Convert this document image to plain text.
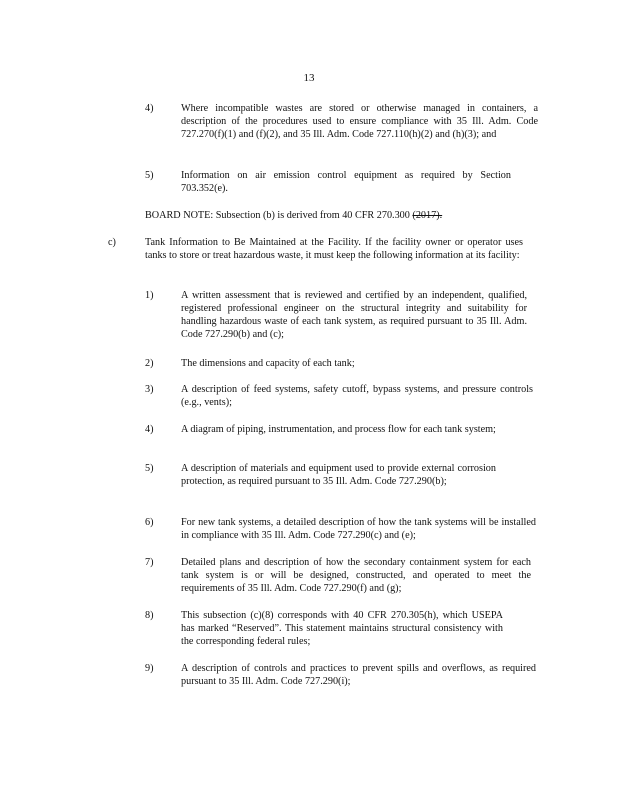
13
4)	Where incompatible wastes are stored or otherwise managed in containers, a description of the procedures used to ensure compliance with 35 Ill. Adm. Code 727.270(f)(1) and (f)(2), and 35 Ill. Adm. Code 727.110(h)(2) and (h)(3); and
5)	Information on air emission control equipment as required by Section 703.352(e).
BOARD NOTE: Subsection (b) is derived from 40 CFR 270.300 (2017).
c)	Tank Information to Be Maintained at the Facility. If the facility owner or operator uses tanks to store or treat hazardous waste, it must keep the following information at its facility:
1)	A written assessment that is reviewed and certified by an independent, qualified, registered professional engineer on the structural integrity and suitability for handling hazardous waste of each tank system, as required pursuant to 35 Ill. Adm. Code 727.290(b) and (c);
2)	The dimensions and capacity of each tank;
3)	A description of feed systems, safety cutoff, bypass systems, and pressure controls (e.g., vents);
4)	A diagram of piping, instrumentation, and process flow for each tank system;
5)	A description of materials and equipment used to provide external corrosion protection, as required pursuant to 35 Ill. Adm. Code 727.290(b);
6)	For new tank systems, a detailed description of how the tank systems will be installed in compliance with 35 Ill. Adm. Code 727.290(c) and (e);
7)	Detailed plans and description of how the secondary containment system for each tank system is or will be designed, constructed, and operated to meet the requirements of 35 Ill. Adm. Code 727.290(f) and (g);
8)	This subsection (c)(8) corresponds with 40 CFR 270.305(h), which USEPA has marked “Reserved”. This statement maintains structural consistency with the corresponding federal rules;
9)	A description of controls and practices to prevent spills and overflows, as required pursuant to 35 Ill. Adm. Code 727.290(i);
